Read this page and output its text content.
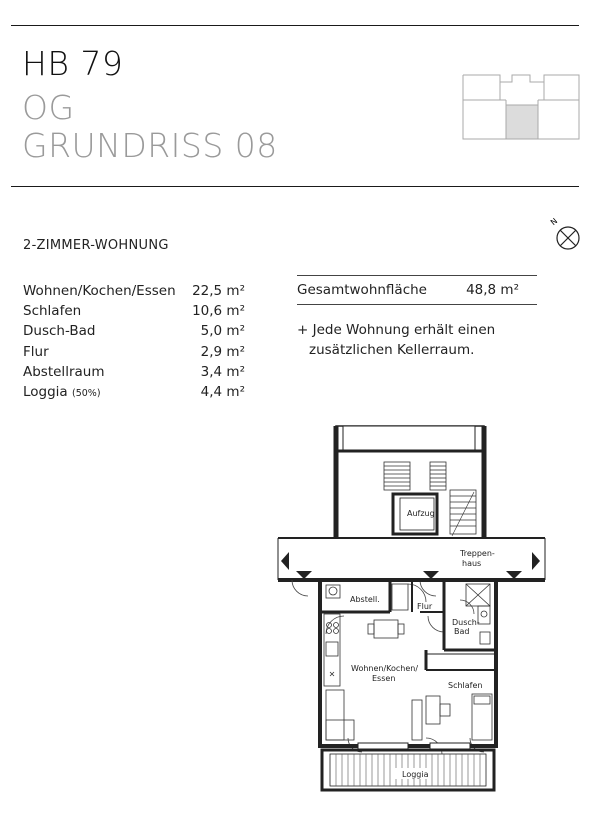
HB 79
OG
GRUNDRISS 08
N
2-ZIMMER-WOHNUNG
Wohnen/Kochen/Essen 22,5 m²
Schlafen	10,6 m²
Dusch-Bad	5,0 m²
Flur	2,9 m²
Abstellraum	3,4 m²
Loggia (50%)	4,4 m²
Gesamtwohnfläche	48,8 m²
+ Jede Wohnung erhält einen
zusätzlichen Kellerraum.
Aufzug
Treppen-
haus
Abstell.
Flur
Dusch-
Bad
Wohnen/Kochen/
Essen
Schlafen
Loggia
